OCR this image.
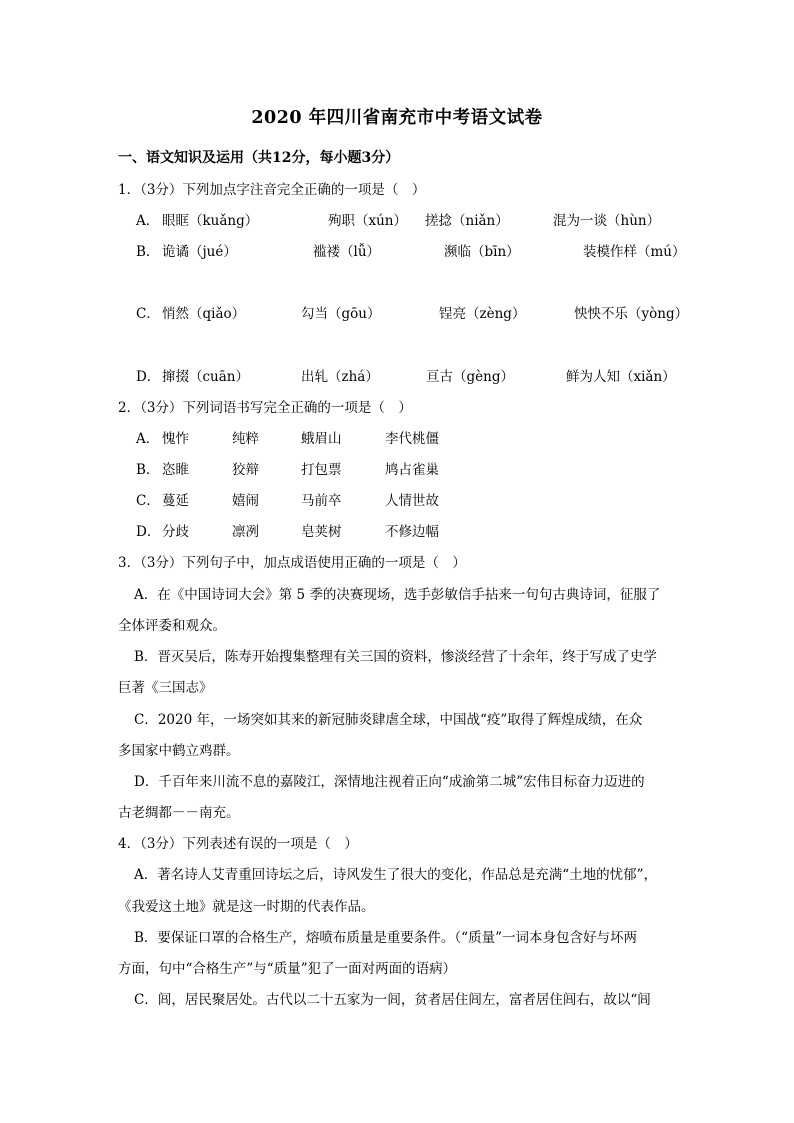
2020 年四川省南充市中考语文试卷
一、语文知识及运用（共12分，每小题3分）
1．（3分）下列加点字注音完全正确的一项是（　）
A． 眼眶（kuǎng）	殉职（xún） 搓捻（niǎn）	混为一谈（hùn）
B． 诡谲（jué）	褴褛（lǚ）	濒临（bīn）	装模作样（mú）
C． 悄然（qiǎo）	勾当（gōu）	锃亮（zèng）	怏怏不乐（yòng）
D． 撺掇（cuān）	出轧（zhá）	亘古（gèng）	鲜为人知（xiǎn）
2．（3分）下列词语书写完全正确的一项是（　）
A． 愧怍	纯粹	蛾眉山	李代桃僵
B． 恣睢	狡辩	打包票	鸠占雀巢
C． 蔓延	嬉闹	马前卒	人情世故
D． 分歧	凛冽	皂荚树	不修边幅
3．（3分）下列句子中，加点成语使用正确的一项是（　）
A．在《中国诗词大会》第 5 季的决赛现场，选手彭敏信手拈来一句句古典诗词，征服了
全体评委和观众。
B．晋灭吴后，陈寿开始搜集整理有关三国的资料，惨淡经营了十余年，终于写成了史学
巨著《三国志》
C．2020 年，一场突如其来的新冠肺炎肆虐全球，中国战“疫”取得了辉煌成绩，在众
多国家中鹤立鸡群。
D．千百年来川流不息的嘉陵江，深情地注视着正向“成渝第二城”宏伟目标奋力迈进的
古老绸都－－南充。
4．（3分）下列表述有误的一项是（　）
A．著名诗人艾青重回诗坛之后，诗风发生了很大的变化，作品总是充满“土地的忧郁”，
《我爱这土地》就是这一时期的代表作品。
B．要保证口罩的合格生产，熔喷布质量是重要条件。（“质量”一词本身包含好与坏两
方面，句中“合格生产”与“质量”犯了一面对两面的语病）
C．闾，居民聚居处。古代以二十五家为一闾，贫者居住闾左，富者居住闾右，故以“闾
